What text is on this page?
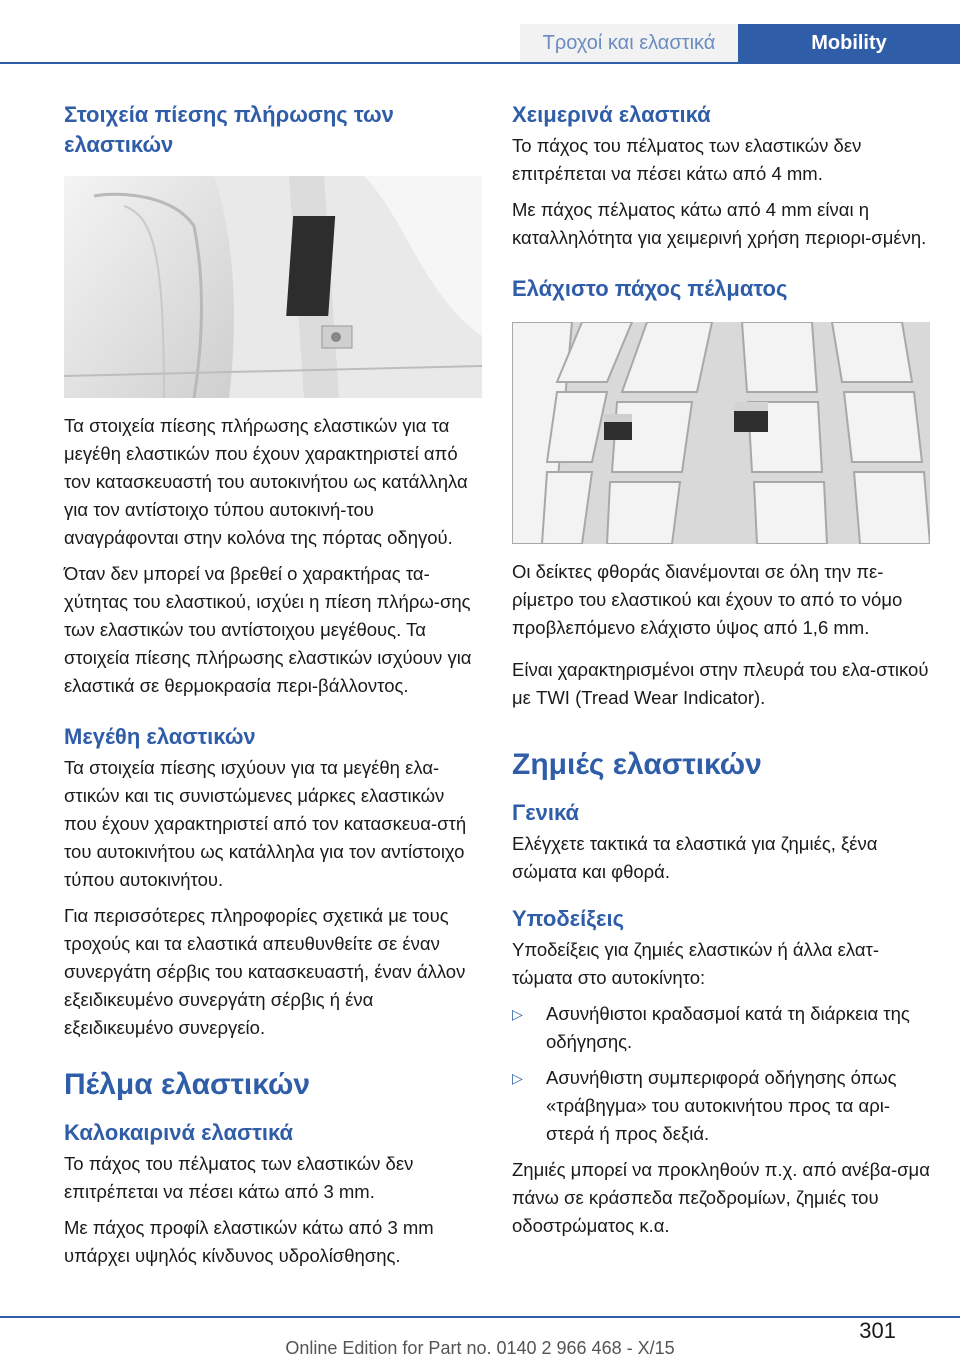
Τροχοί και ελαστικά	Mobility
Στοιχεία πίεσης πλήρωσης των ελαστικών

Τα στοιχεία πίεσης πλήρωσης ελαστικών για τα μεγέθη ελαστικών που έχουν χαρακτηριστεί από τον κατασκευαστή του αυτοκινήτου ως κατάλληλα για τον αντίστοιχο τύπου αυτοκινή-του αναγράφονται στην κολόνα της πόρτας οδηγού.

Όταν δεν μπορεί να βρεθεί ο χαρακτήρας τα-χύτητας του ελαστικού, ισχύει η πίεση πλήρω-σης των ελαστικών του αντίστοιχου μεγέθους. Τα στοιχεία πίεσης πλήρωσης ελαστικών ισχύουν για ελαστικά σε θερμοκρασία περι-βάλλοντος.

Μεγέθη ελαστικών

Τα στοιχεία πίεσης ισχύουν για τα μεγέθη ελα-στικών και τις συνιστώμενες μάρκες ελαστικών που έχουν χαρακτηριστεί από τον κατασκευα-στή του αυτοκινήτου ως κατάλληλα για τον αντίστοιχο τύπου αυτοκινήτου.

Για περισσότερες πληροφορίες σχετικά με τους τροχούς και τα ελαστικά απευθυνθείτε σε έναν συνεργάτη σέρβις του κατασκευαστή, έναν άλλον εξειδικευμένο συνεργάτη σέρβις ή ένα εξειδικευμένο συνεργείο.

Πέλμα ελαστικών
Καλοκαιρινά ελαστικά

Το πάχος του πέλματος των ελαστικών δεν επιτρέπεται να πέσει κάτω από 3 mm.

Με πάχος προφίλ ελαστικών κάτω από 3 mm υπάρχει υψηλός κίνδυνος υδρολίσθησης.

Χειμερινά ελαστικά

Το πάχος του πέλματος των ελαστικών δεν επιτρέπεται να πέσει κάτω από 4 mm.

Με πάχος πέλματος κάτω από 4 mm είναι η καταλληλότητα για χειμερινή χρήση περιορι-σμένη.

Ελάχιστο πάχος πέλματος

Οι δείκτες φθοράς διανέμονται σε όλη την πε-ρίμετρο του ελαστικού και έχουν το από το νόμο προβλεπόμενο ελάχιστο ύψος από 1,6 mm.

Είναι χαρακτηρισμένοι στην πλευρά του ελα-στικού με TWI (Tread Wear Indicator).

Ζημιές ελαστικών
Γενικά

Ελέγχετε τακτικά τα ελαστικά για ζημιές, ξένα σώματα και φθορά.

Υποδείξεις

Υποδείξεις για ζημιές ελαστικών ή άλλα ελατ-τώματα στο αυτοκίνητο:

▷	Ασυνήθιστοι κραδασμοί κατά τη διάρκεια της οδήγησης.
▷	Ασυνήθιστη συμπεριφορά οδήγησης όπως «τράβηγμα» του αυτοκινήτου προς τα αρι-στερά ή προς δεξιά.

Ζημιές μπορεί να προκληθούν π.χ. από ανέβα-σμα πάνω σε κράσπεδα πεζοδρομίων, ζημιές του οδοστρώματος κ.α.

301
Online Edition for Part no. 0140 2 966 468 - X/15
